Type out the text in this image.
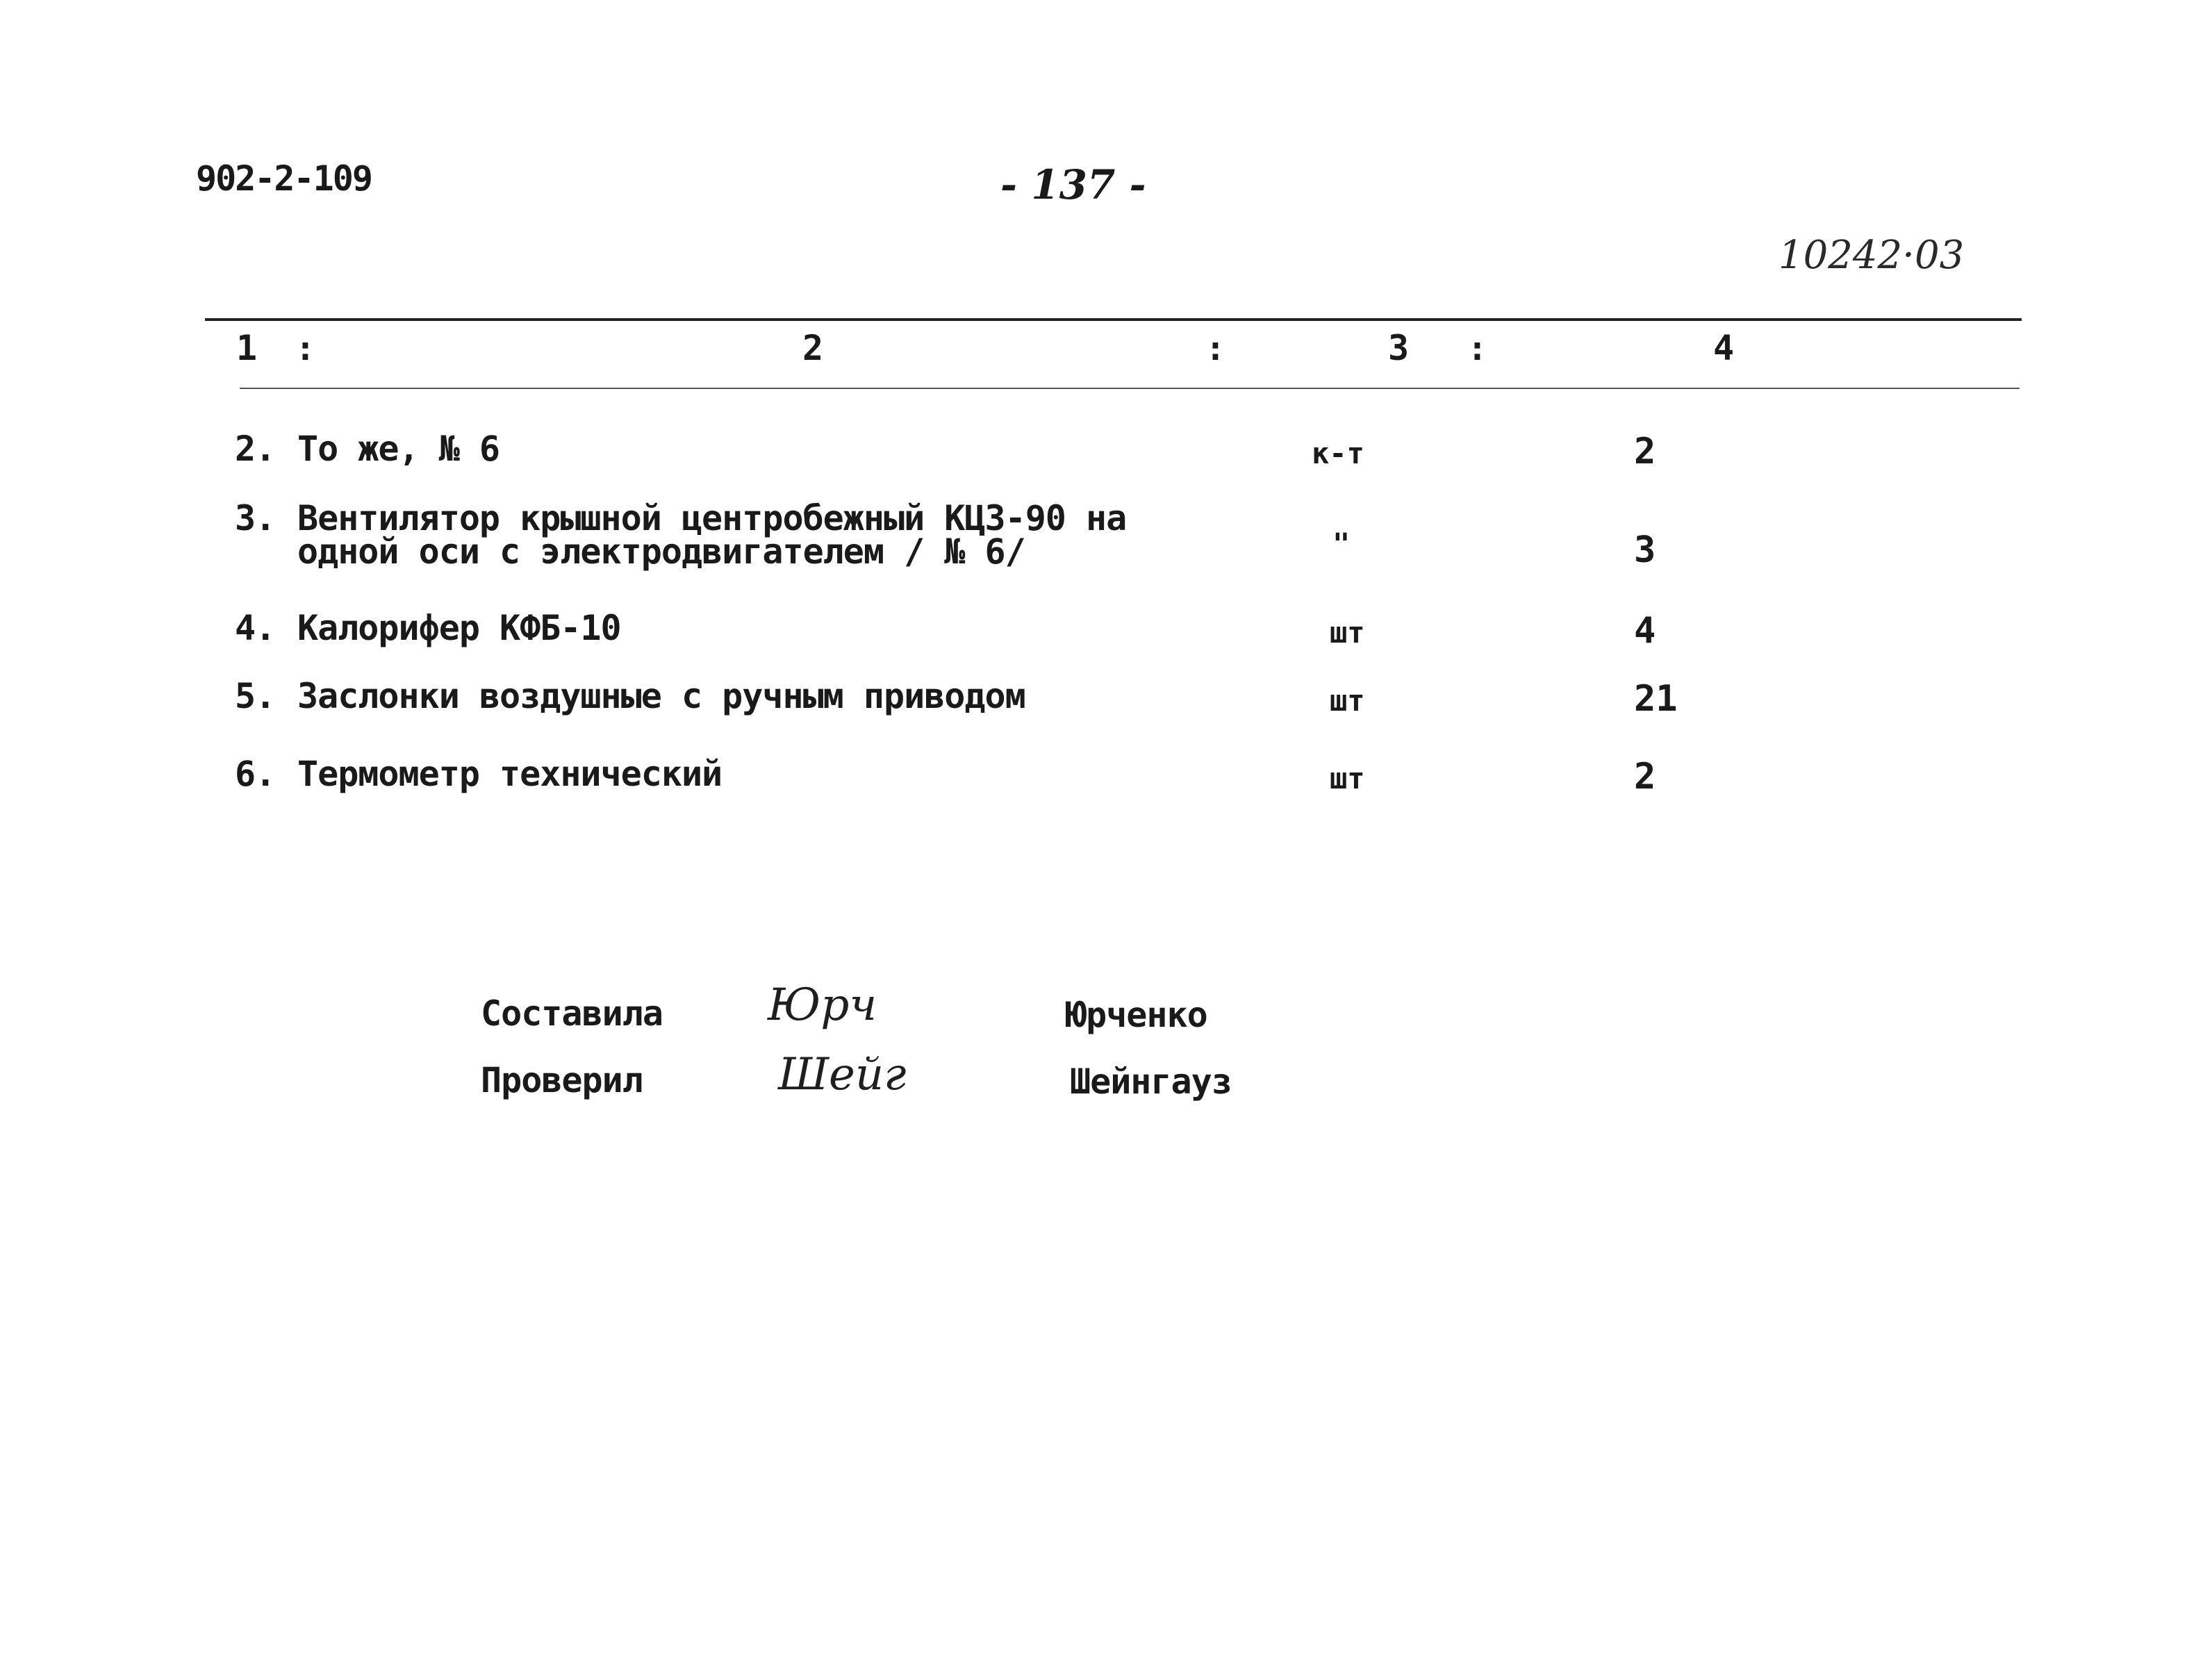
902-2-109	- 137 -
10242·03
1 :	2	:	3 :	4
2. То же, № 6	к-т	2
3. Вентилятор крышной центробежный КЦ3-90 на
одной оси с электродвигателем / № 6/	"	3
4. Калорифер КФБ-10	шт	4
5. Заслонки воздушные с ручным приводом	шт	21
6. Термометр технический	шт	2
Составила Юрч	Юрченко
Проверил	Шейг	Шейнгауз
